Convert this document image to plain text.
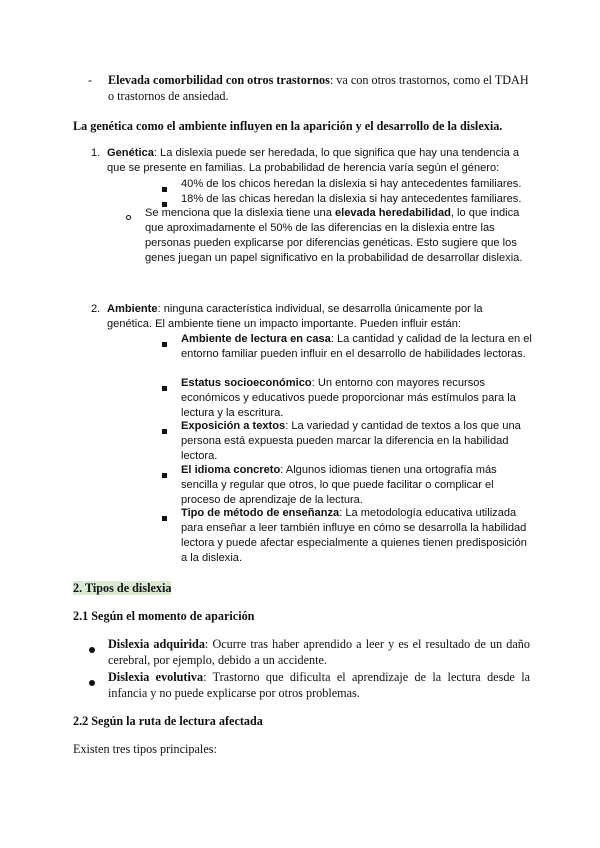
- Elevada comorbilidad con otros trastornos: va con otros trastornos, como el TDAH o trastornos de ansiedad.
La genética como el ambiente influyen en la aparición y el desarrollo de la dislexia.
1. Genética: La dislexia puede ser heredada, lo que significa que hay una tendencia a que se presente en familias. La probabilidad de herencia varía según el género:
40% de los chicos heredan la dislexia si hay antecedentes familiares.
18% de las chicas heredan la dislexia si hay antecedentes familiares.
Se menciona que la dislexia tiene una elevada heredabilidad, lo que indica que aproximadamente el 50% de las diferencias en la dislexia entre las personas pueden explicarse por diferencias genéticas. Esto sugiere que los genes juegan un papel significativo en la probabilidad de desarrollar dislexia.
2. Ambiente: ninguna característica individual, se desarrolla únicamente por la genética. El ambiente tiene un impacto importante. Pueden influir están:
Ambiente de lectura en casa: La cantidad y calidad de la lectura en el entorno familiar pueden influir en el desarrollo de habilidades lectoras.
Estatus socioeconómico: Un entorno con mayores recursos económicos y educativos puede proporcionar más estímulos para la lectura y la escritura.
Exposición a textos: La variedad y cantidad de textos a los que una persona está expuesta pueden marcar la diferencia en la habilidad lectora.
El idioma concreto: Algunos idiomas tienen una ortografía más sencilla y regular que otros, lo que puede facilitar o complicar el proceso de aprendizaje de la lectura.
Tipo de método de enseñanza: La metodología educativa utilizada para enseñar a leer también influye en cómo se desarrolla la habilidad lectora y puede afectar especialmente a quienes tienen predisposición a la dislexia.
2. Tipos de dislexia
2.1 Según el momento de aparición
Dislexia adquirida: Ocurre tras haber aprendido a leer y es el resultado de un daño cerebral, por ejemplo, debido a un accidente.
Dislexia evolutiva: Trastorno que dificulta el aprendizaje de la lectura desde la infancia y no puede explicarse por otros problemas.
2.2 Según la ruta de lectura afectada
Existen tres tipos principales:
